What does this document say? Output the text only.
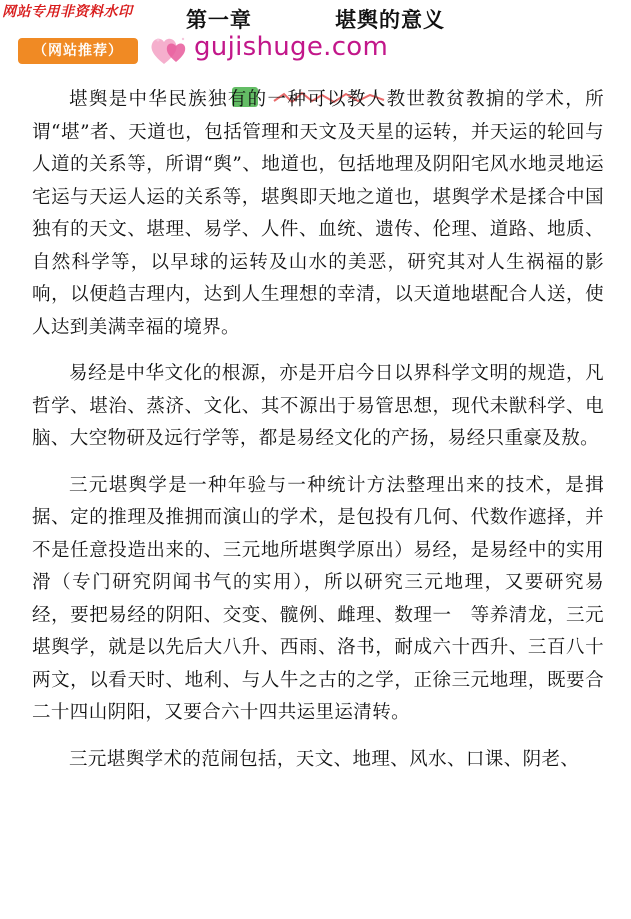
网站专用非资料水印	第一章	堪舆的意义
（网站推荐）	gujishuge.com

堪舆是中华民族独有的一种可以教人教世教贫教掮的学术，所谓“堪”者、天道也，包括管理和天文及天星的运转，并天运的轮回与人道的关系等，所谓“舆”、地道也，包括地理及阴阳宅风水地灵地运宅运与天运人运的关系等，堪舆即天地之道也，堪舆学术是揉合中国独有的天文、堪理、易学、人件、血统、遗传、伦理、道路、地质、自然科学等，以早球的运转及山水的美恶，研究其对人生祸福的影响，以便趋吉理内，达到人生理想的幸清，以天道地堪配合人送，使人达到美满幸福的境界。

易经是中华文化的根源，亦是开启今日以界科学文明的规造，凡哲学、堪治、蒸济、文化、其不源出于易管思想，现代未獣科学、电脑、大空物研及远行学等，都是易经文化的产扬，易经只重豪及敖。

三元堪舆学是一种年验与一种统计方法整理出来的技术，是揖据、定的推理及推拥而演山的学术，是包投有几何、代数作遮择，并不是任意投造出来的、三元地所堪舆学原出）易经，是易经中的实用滑（专门研究阴闻书气的实用），所以研究三元地理，又要研究易经，要把易经的阴阳、交变、髋例、雌理、数理一　等养清龙，三元堪舆学，就是以先后大八升、西雨、洛书，耐成六十西升、三百八十两文，以看天时、地利、与人牛之古的之学，正徐三元地理，既要合二十四山阴阳，又要合六十四共运里运清转。

三元堪舆学术的范闹包括，天文、地理、风水、口课、阴老、
